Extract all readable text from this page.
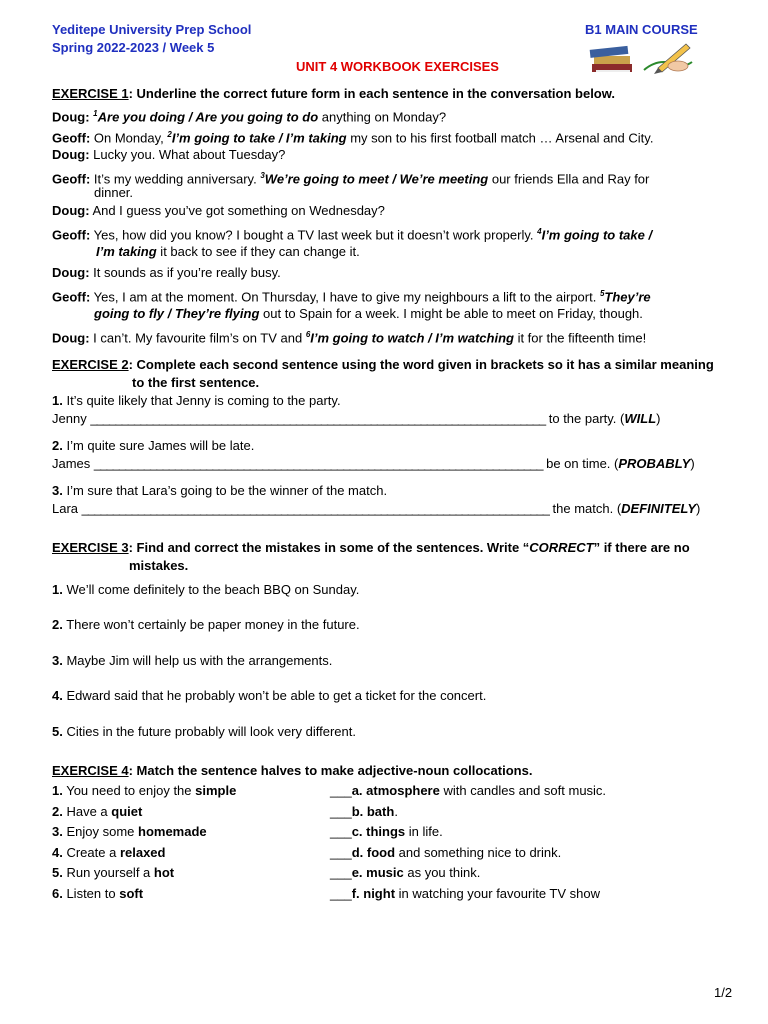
Yeditepe University Prep School
Spring 2022-2023 / Week 5
B1 MAIN COURSE
UNIT 4 WORKBOOK EXERCISES
EXERCISE 1: Underline the correct future form in each sentence in the conversation below.
Doug: $^1$Are you doing / Are you going to do anything on Monday?
Geoff: On Monday, $^2$I’m going to take / I’m taking my son to his first football match … Arsenal and City.
Doug: Lucky you. What about Tuesday?
Geoff: It’s my wedding anniversary. $^3$We’re going to meet / We’re meeting our friends Ella and Ray for
dinner.
Doug: And I guess you’ve got something on Wednesday?
Geoff: Yes, how did you know? I bought a TV last week but it doesn’t work properly. $^4$I’m going to take /
I’m taking it back to see if they can change it.
Doug: It sounds as if you’re really busy.
Geoff: Yes, I am at the moment. On Thursday, I have to give my neighbours a lift to the airport. $^5$They’re
going to fly / They’re flying out to Spain for a week. I might be able to meet on Friday, though.
Doug: I can’t. My favourite film’s on TV and $^6$I’m going to watch / I’m watching it for the fifteenth time!
EXERCISE 2: Complete each second sentence using the word given in brackets so it has a similar meaning
to the first sentence.
1. It’s quite likely that Jenny is coming to the party.
Jenny _________________________________________________________________________ to the party. (WILL)
2. I’m quite sure James will be late.
James ________________________________________________________________________ be on time. (PROBABLY)
3. I’m sure that Lara’s going to be the winner of the match.
Lara ___________________________________________________________________________ the match. (DEFINITELY)
EXERCISE 3: Find and correct the mistakes in some of the sentences. Write “CORRECT” if there are no
mistakes.
1. We’ll come definitely to the beach BBQ on Sunday.
2. There won’t certainly be paper money in the future.
3. Maybe Jim will help us with the arrangements.
4. Edward said that he probably won’t be able to get a ticket for the concert.
5. Cities in the future probably will look very different.
EXERCISE 4: Match the sentence halves to make adjective-noun collocations.
1. You need to enjoy the simple
2. Have a quiet
3. Enjoy some homemade
4. Create a relaxed
5. Run yourself a hot
6. Listen to soft
___a. atmosphere with candles and soft music.
___b. bath.
___c. things in life.
___d. food and something nice to drink.
___e. music as you think.
___f. night in watching your favourite TV show
1/2
